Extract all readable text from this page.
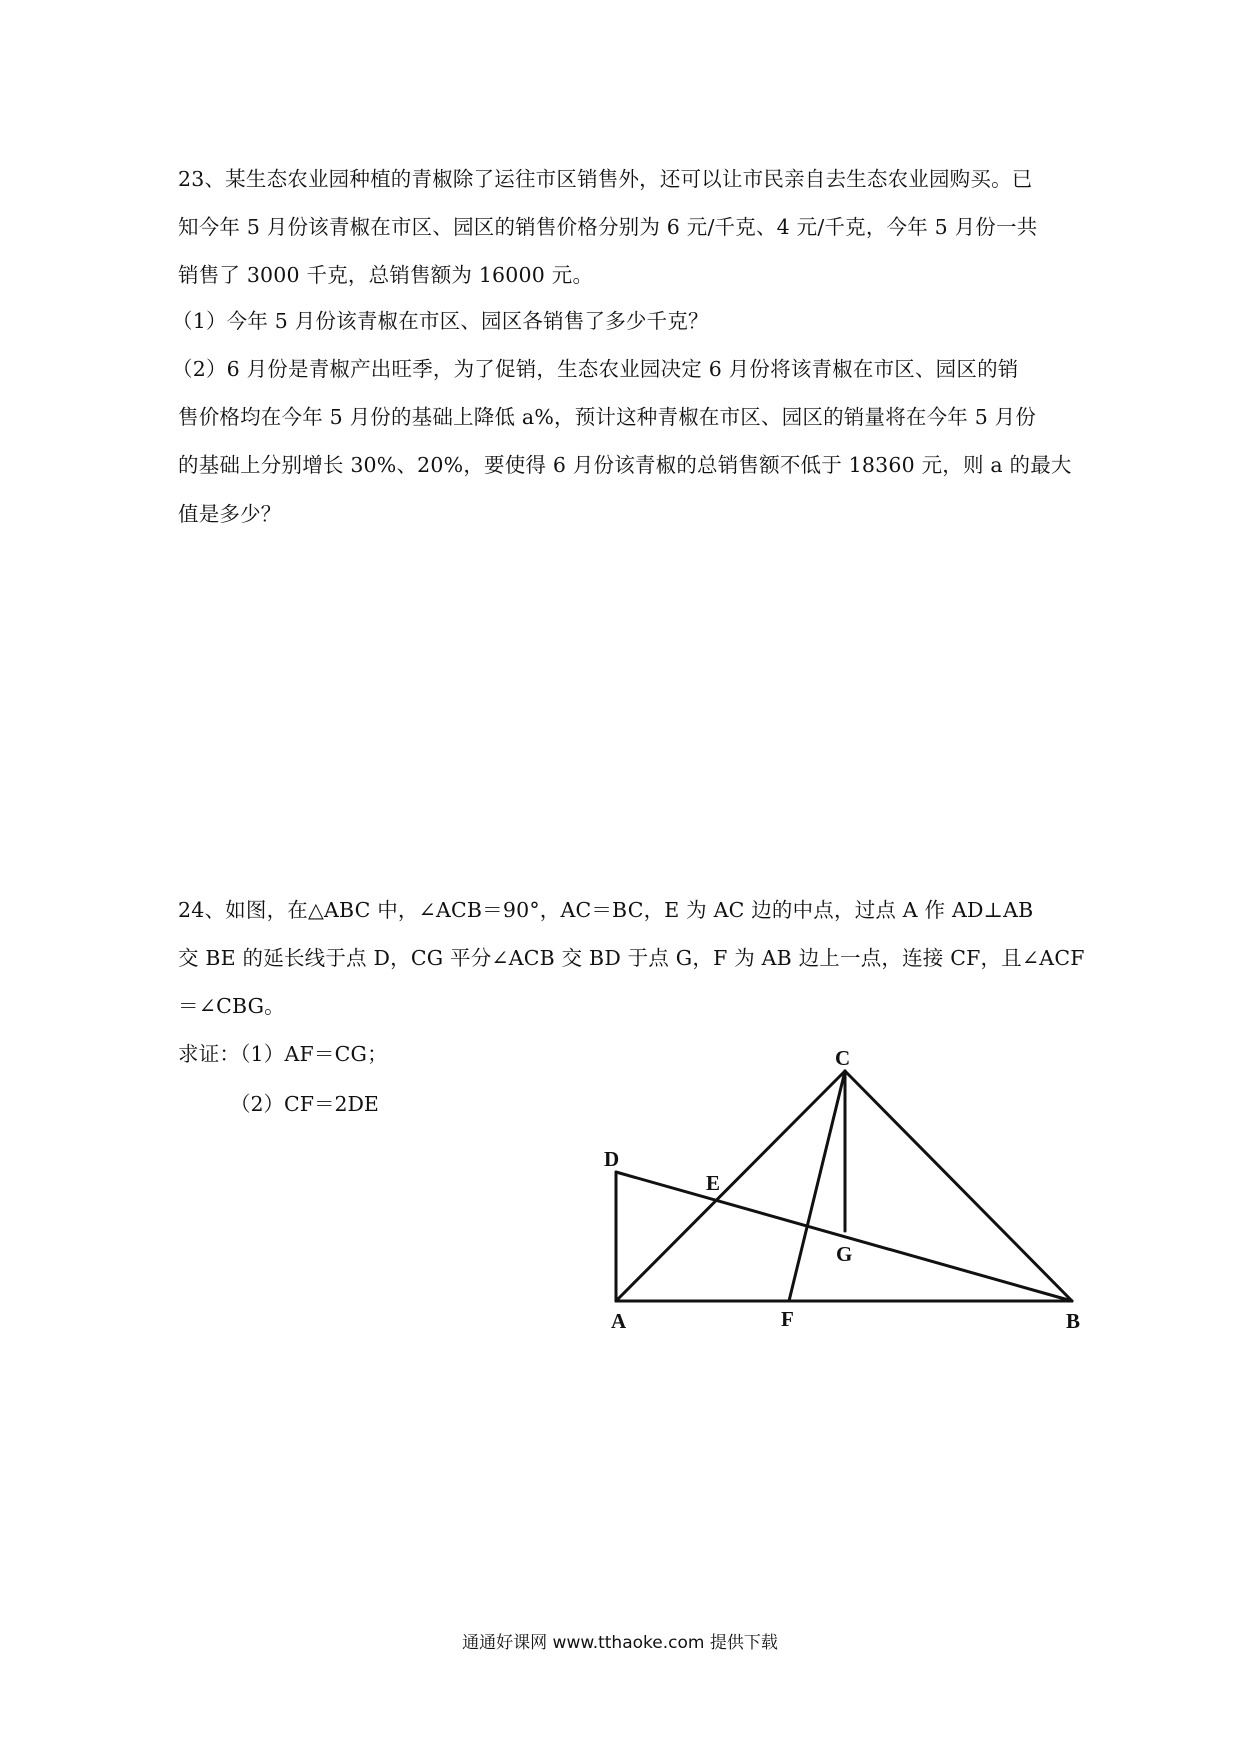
23、某生态农业园种植的青椒除了运往市区销售外，还可以让市民亲自去生态农业园购买。已
知今年 5 月份该青椒在市区、园区的销售价格分别为 6 元/千克、4 元/千克，今年 5 月份一共
销售了 3000 千克，总销售额为 16000 元。
（1）今年 5 月份该青椒在市区、园区各销售了多少千克？
（2）6 月份是青椒产出旺季，为了促销，生态农业园决定 6 月份将该青椒在市区、园区的销
售价格均在今年 5 月份的基础上降低 a%，预计这种青椒在市区、园区的销量将在今年 5 月份
的基础上分别增长 30%、20%，要使得 6 月份该青椒的总销售额不低于 18360 元，则 a 的最大
值是多少？
24、如图，在△ABC 中，∠ACB＝90°，AC＝BC，E 为 AC 边的中点，过点 A 作 AD⊥AB
交 BE 的延长线于点 D，CG 平分∠ACB 交 BD 于点 G，F 为 AB 边上一点，连接 CF，且∠ACF
＝∠CBG。
求证：（1）AF＝CG；
（2）CF＝2DE
C
D
E
G
A	F	B
通通好课网 www.tthaoke.com 提供下载
